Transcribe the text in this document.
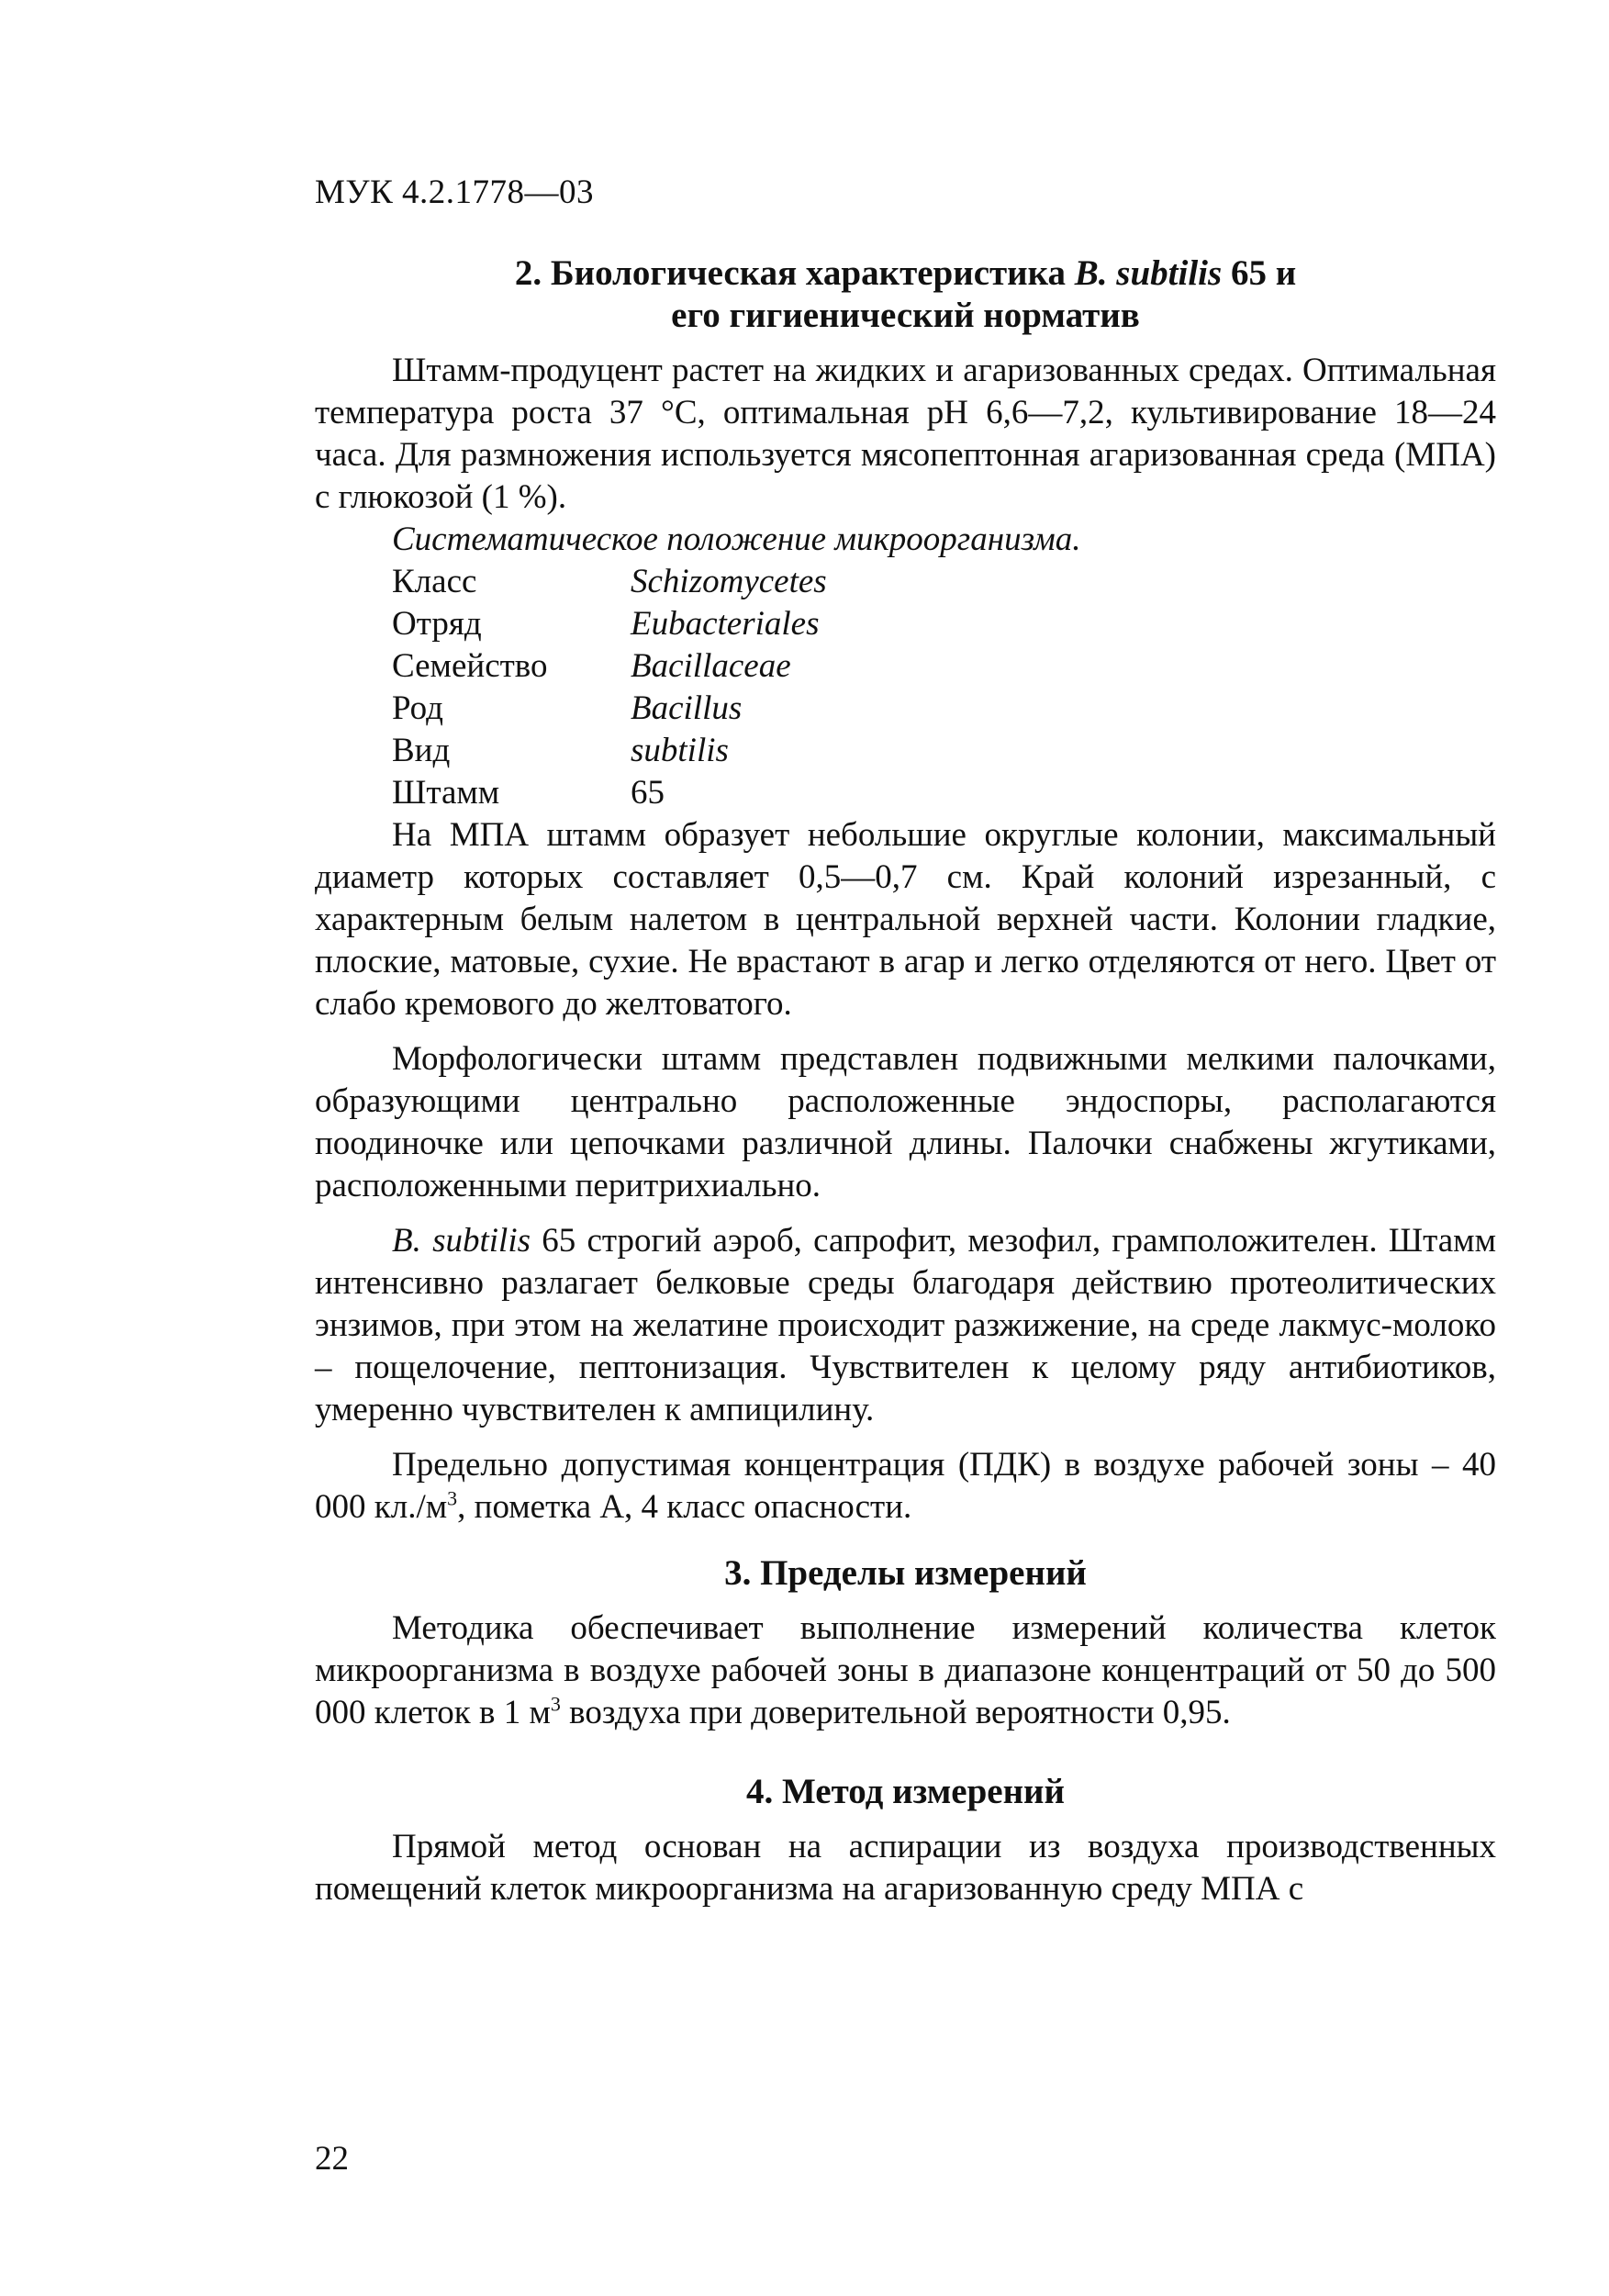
МУК 4.2.1778—03
2. Биологическая характеристика B. subtilis 65 и
его гигиенический норматив

Штамм-продуцент растет на жидких и агаризованных средах. Оптимальная температура роста 37 °С, оптимальная рН 6,6—7,2, культивирование 18—24 часа. Для размножения используется мясопептонная агаризованная среда (МПА) с глюкозой (1 %).

Систематическое положение микроорганизма.
Класс	Schizomycetes
Отряд	Eubacteriales
Семейство	Bacillaceae
Род	Bacillus
Вид	subtilis
Штамм	65

На МПА штамм образует небольшие округлые колонии, максимальный диаметр которых составляет 0,5—0,7 см. Край колоний изрезанный, с характерным белым налетом в центральной верхней части. Колонии гладкие, плоские, матовые, сухие. Не врастают в агар и легко отделяются от него. Цвет от слабо кремового до желтоватого.

Морфологически штамм представлен подвижными мелкими палочками, образующими центрально расположенные эндоспоры, располагаются поодиночке или цепочками различной длины. Палочки снабжены жгутиками, расположенными перитрихиально.

B. subtilis 65 строгий аэроб, сапрофит, мезофил, грамположителен. Штамм интенсивно разлагает белковые среды благодаря действию протеолитических энзимов, при этом на желатине происходит разжижение, на среде лакмус-молоко – пощелочение, пептонизация. Чувствителен к целому ряду антибиотиков, умеренно чувствителен к ампицилину.

Предельно допустимая концентрация (ПДК) в воздухе рабочей зоны – 40 000 $кл./м^3$, пометка А, 4 класс опасности.

3. Пределы измерений

Методика обеспечивает выполнение измерений количества клеток микроорганизма в воздухе рабочей зоны в диапазоне концентраций от 50 до 500 000 клеток в 1 $м^3$ воздуха при доверительной вероятности 0,95.

4. Метод измерений

Прямой метод основан на аспирации из воздуха производственных помещений клеток микроорганизма на агаризованную среду МПА с

22
